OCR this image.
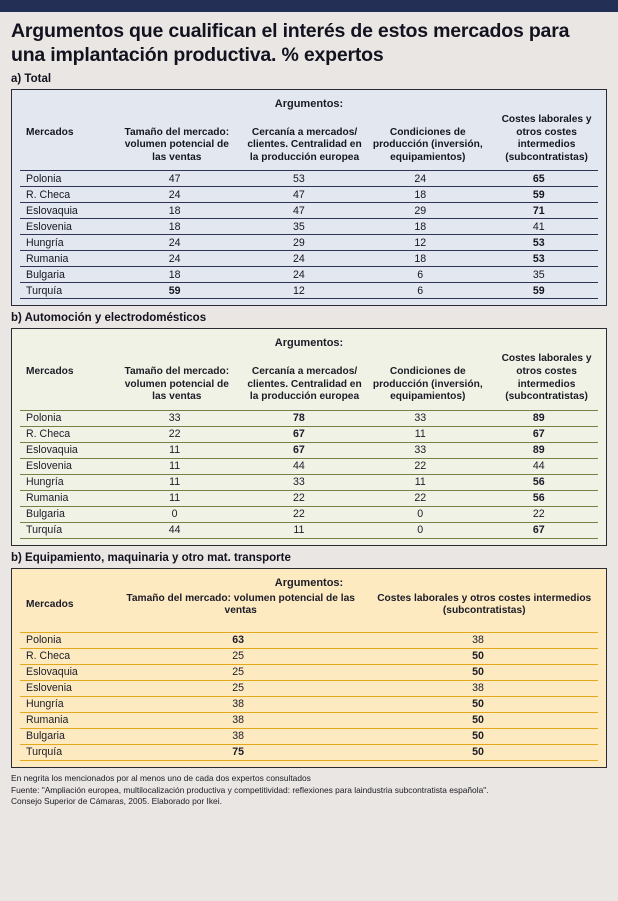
Argumentos que cualifican el interés de estos mercados para una implantación productiva. % expertos
a) Total
Argumentos:
Mercados	Tamaño del mercado: volumen potencial de las ventas	Cercanía a mercados/ clientes. Centralidad en la producción europea	Condiciones de producción (inversión, equipamientos)	Costes laborales y otros costes intermedios (subcontratistas)
Polonia	47	53	24	65
R. Checa	24	47	18	59
Eslovaquia	18	47	29	71
Eslovenia	18	35	18	41
Hungría	24	29	12	53
Rumania	24	24	18	53
Bulgaria	18	24	6	35
Turquía	59	12	6	59
b) Automoción y electrodomésticos
Argumentos:
Mercados	Tamaño del mercado: volumen potencial de las ventas	Cercanía a mercados/ clientes. Centralidad en la producción europea	Condiciones de producción (inversión, equipamientos)	Costes laborales y otros costes intermedios (subcontratistas)
Polonia	33	78	33	89
R. Checa	22	67	11	67
Eslovaquia	11	67	33	89
Eslovenia	11	44	22	44
Hungría	11	33	11	56
Rumania	11	22	22	56
Bulgaria	0	22	0	22
Turquía	44	11	0	67
b) Equipamiento, maquinaria y otro mat. transporte
Argumentos:
Mercados	Tamaño del mercado: volumen potencial de las ventas	Costes laborales y otros costes intermedios (subcontratistas)
Polonia	63	38
R. Checa	25	50
Eslovaquia	25	50
Eslovenia	25	38
Hungría	38	50
Rumania	38	50
Bulgaria	38	50
Turquía	75	50
En negrita los mencionados por al menos uno de cada dos expertos consultados
Fuente: "Ampliación europea, multilocalización productiva y competitividad: reflexiones para laindustria subcontratista española".
Consejo Superior de Cámaras, 2005. Elaborado por Ikei.
